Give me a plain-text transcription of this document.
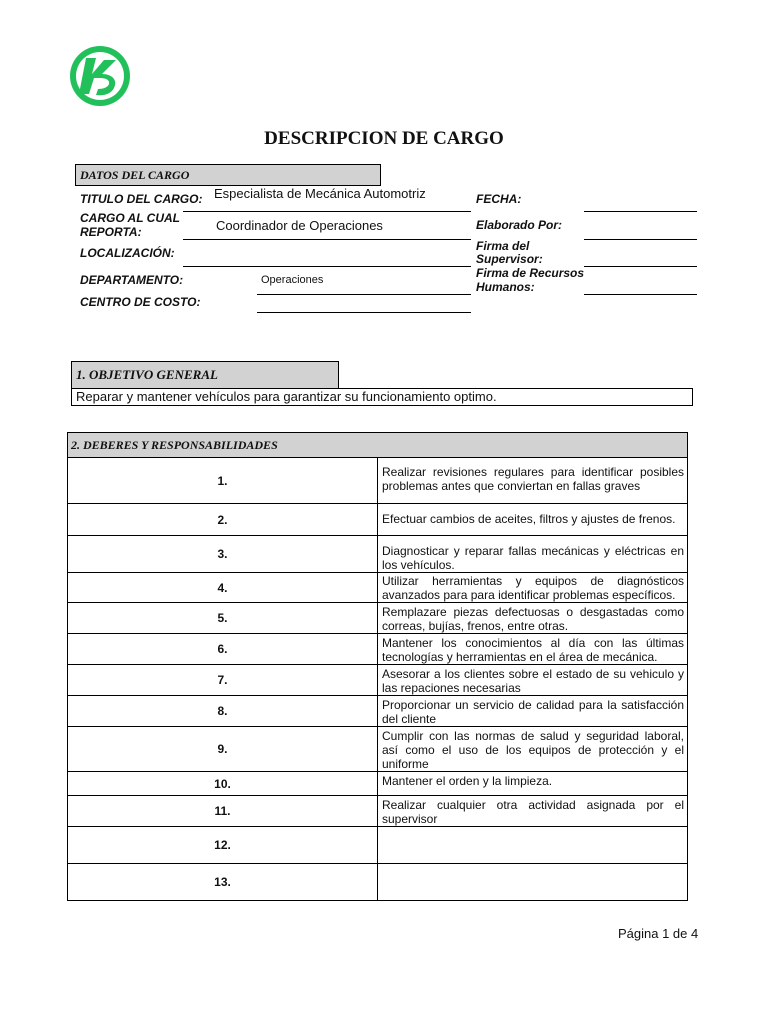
DESCRIPCION DE CARGO
DATOS DEL CARGO
TITULO DEL CARGO: Especialista de Mecánica Automotriz
CARGO AL CUAL
REPORTA:	Coordinador de Operaciones
LOCALIZACIÓN:
DEPARTAMENTO:	Operaciones
CENTRO DE COSTO:
FECHA:
Elaborado Por:
Firma del
Supervisor:
Firma de Recursos
Humanos:
1. OBJETIVO GENERAL
Reparar y mantener vehículos para garantizar su funcionamiento optimo.
2. DEBERES Y RESPONSABILIDADES	
1.	Realizar revisiones regulares para identificar posibles problemas antes que conviertan en fallas graves
2.	Efectuar cambios de aceites, filtros y ajustes de frenos.
3.	Diagnosticar y reparar fallas mecánicas y eléctricas en los vehículos.
4.	Utilizar herramientas y equipos de diagnósticos avanzados para para identificar problemas específicos.
5.	Remplazare piezas defectuosas o desgastadas como correas, bujías, frenos, entre otras.
6.	Mantener los conocimientos al día con las últimas tecnologías y herramientas en el área de mecánica.
7.	Asesorar a los clientes sobre el estado de su vehiculo y las repaciones necesarias
8.	Proporcionar un servicio de calidad para la satisfacción del cliente
9.	Cumplir con las normas de salud y seguridad laboral, así como el uso de los equipos de protección y el uniforme
10.	Mantener el orden y la limpieza.
11.	Realizar cualquier otra actividad asignada por el supervisor
12.	
13.	
Página 1 de 4
